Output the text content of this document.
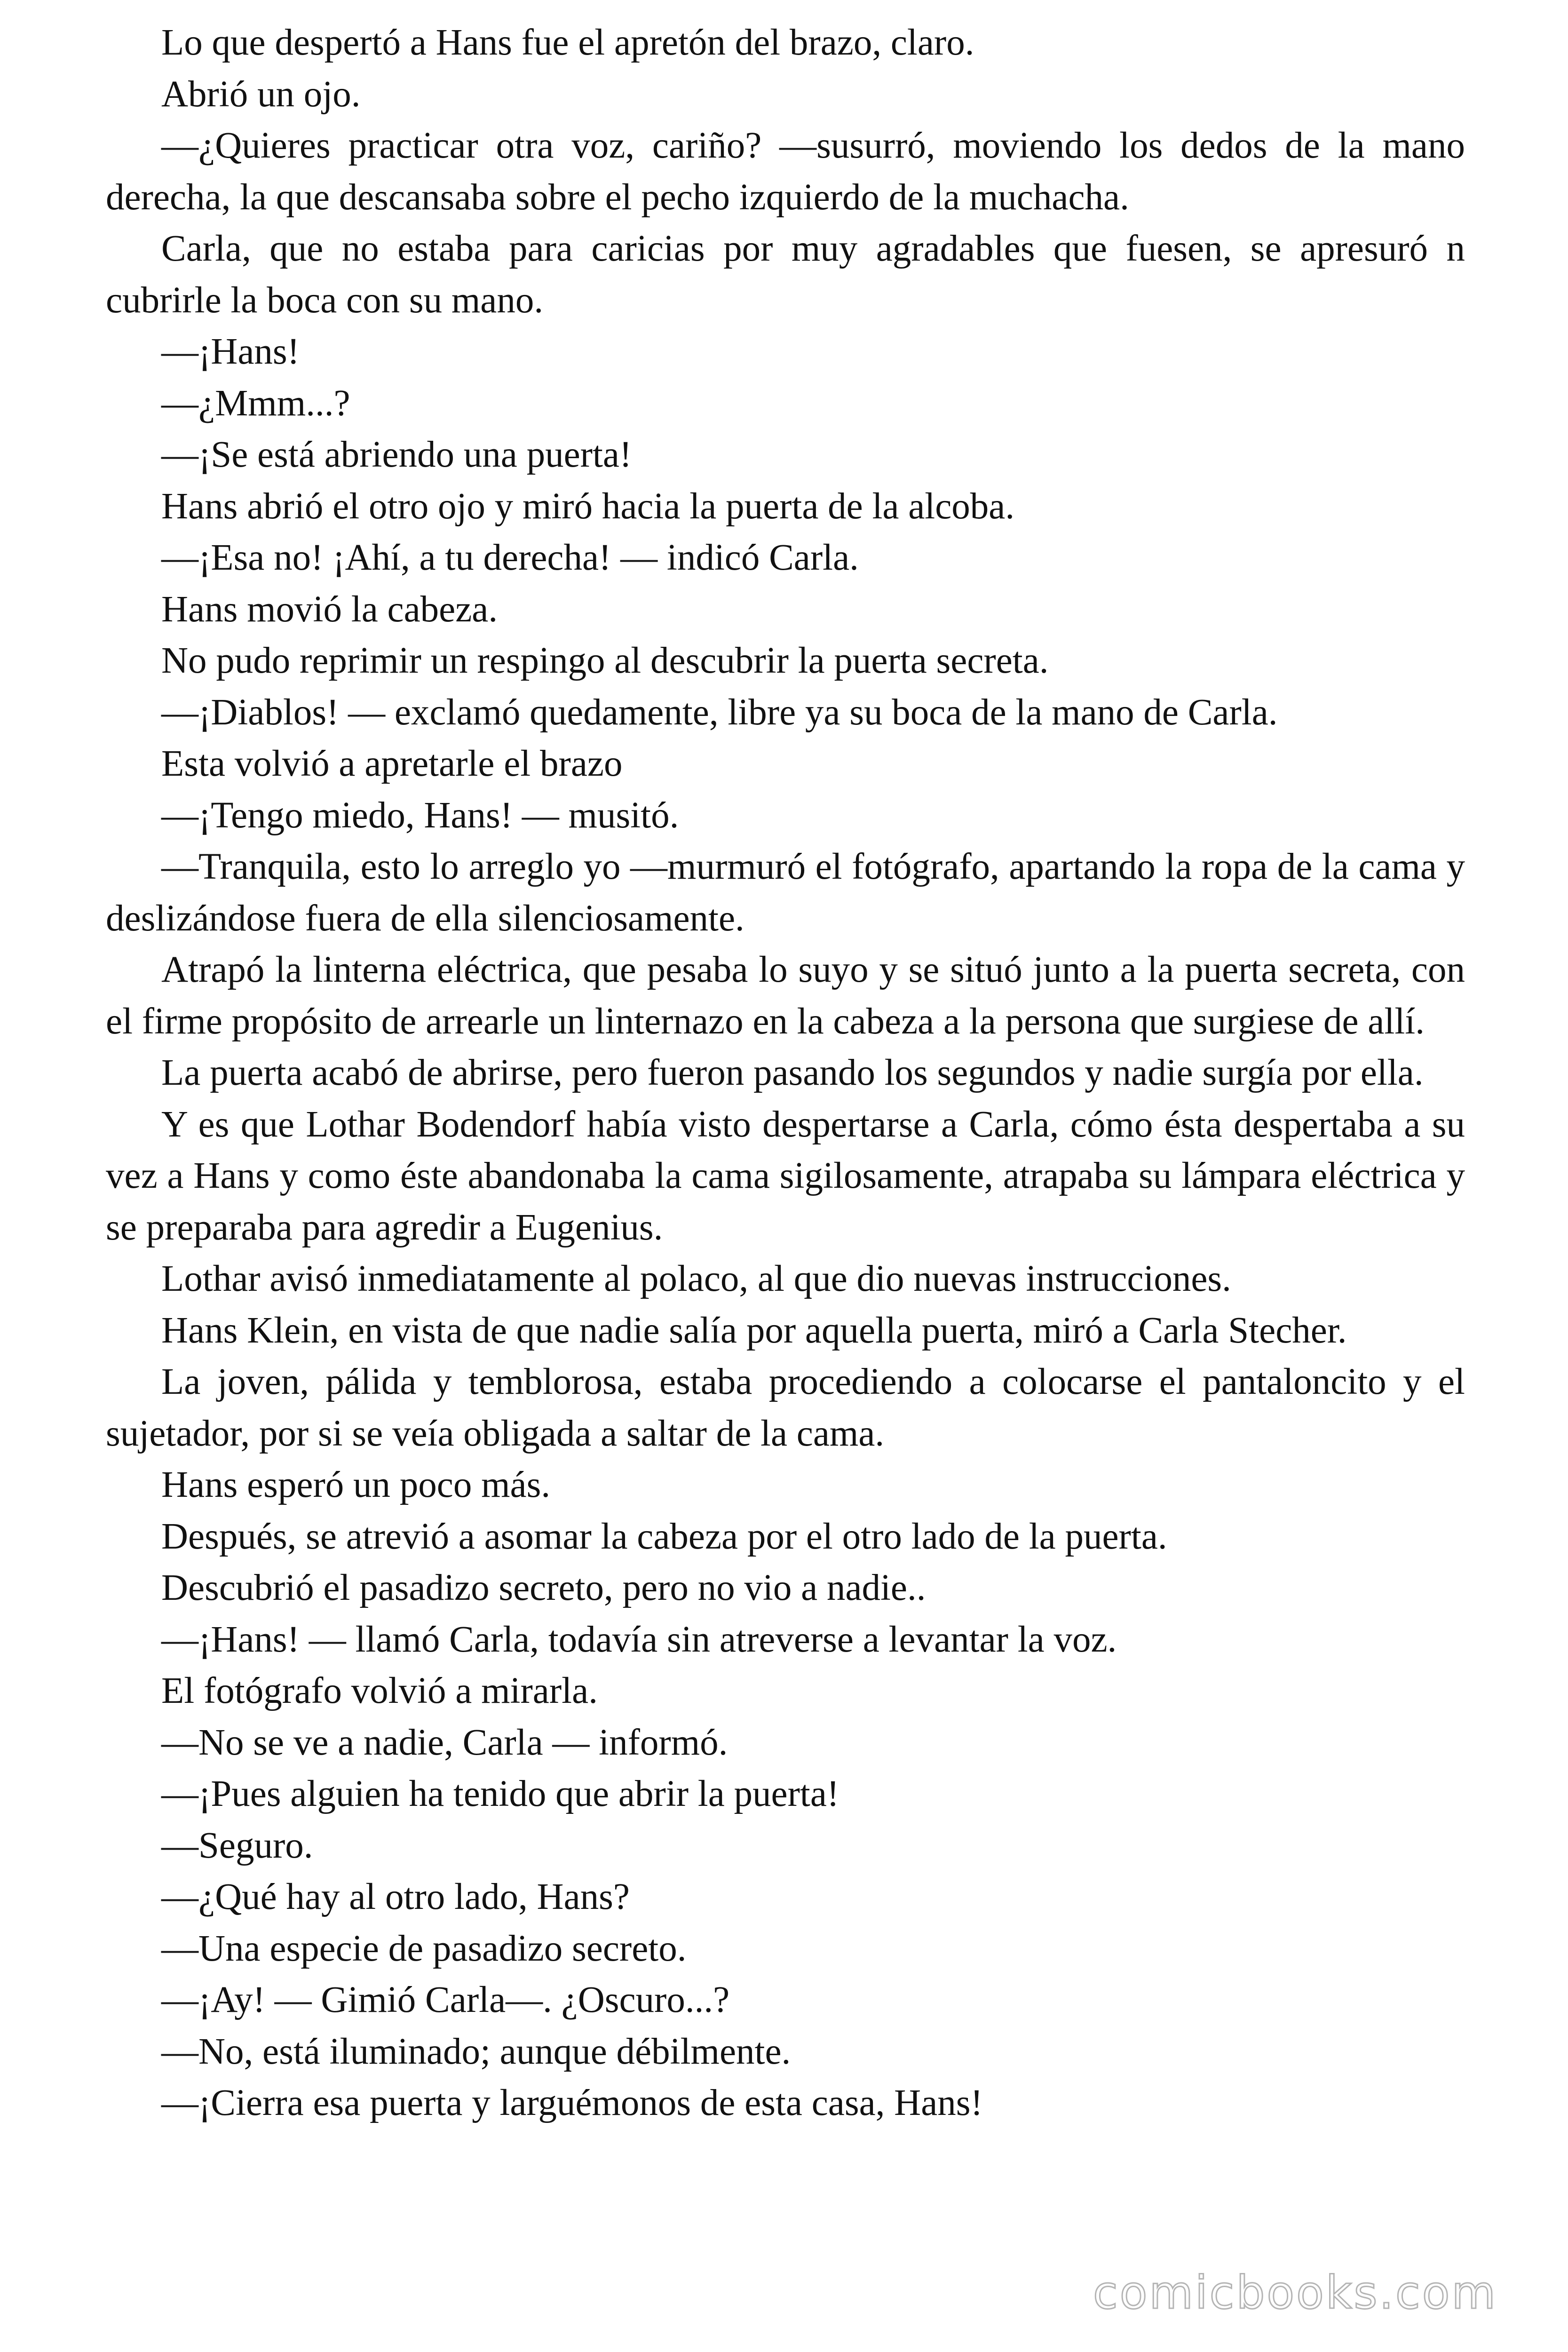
Lo que despertó a Hans fue el apretón del brazo, claro.

Abrió un ojo.

—¿Quieres practicar otra voz, cariño? —susurró, moviendo los dedos de la mano derecha, la que descansaba sobre el pecho izquierdo de la muchacha.

Carla, que no estaba para caricias por muy agradables que fuesen, se apresuró n cubrirle la boca con su mano.

—¡Hans!

—¿Mmm...?

—¡Se está abriendo una puerta!

Hans abrió el otro ojo y miró hacia la puerta de la alcoba.

—¡Esa no! ¡Ahí, a tu derecha! — indicó Carla.

Hans movió la cabeza.

No pudo reprimir un respingo al descubrir la puerta secreta.

—¡Diablos! — exclamó quedamente, libre ya su boca de la mano de Carla.

Esta volvió a apretarle el brazo

—¡Tengo miedo, Hans! — musitó.

—Tranquila, esto lo arreglo yo —murmuró el fotógrafo, apartando la ropa de la cama y deslizándose fuera de ella silenciosamente.

Atrapó la linterna eléctrica, que pesaba lo suyo y se situó junto a la puerta secreta, con el firme propósito de arrearle un linternazo en la cabeza a la persona que surgiese de allí.

La puerta acabó de abrirse, pero fueron pasando los segundos y nadie surgía por ella.

Y es que Lothar Bodendorf había visto despertarse a Carla, cómo ésta despertaba a su vez a Hans y como éste abandonaba la cama sigilosamente, atrapaba su lámpara eléctrica y se preparaba para agredir a Eugenius.

Lothar avisó inmediatamente al polaco, al que dio nuevas instrucciones.

Hans Klein, en vista de que nadie salía por aquella puerta, miró a Carla Stecher.

La joven, pálida y temblorosa, estaba procediendo a colocarse el pantaloncito y el sujetador, por si se veía obligada a saltar de la cama.

Hans esperó un poco más.

Después, se atrevió a asomar la cabeza por el otro lado de la puerta.

Descubrió el pasadizo secreto, pero no vio a nadie..

—¡Hans! — llamó Carla, todavía sin atreverse a levantar la voz.

El fotógrafo volvió a mirarla.

—No se ve a nadie, Carla — informó.

—¡Pues alguien ha tenido que abrir la puerta!

—Seguro.

—¿Qué hay al otro lado, Hans?

—Una especie de pasadizo secreto.

—¡Ay! — Gimió Carla—. ¿Oscuro...?

—No, está iluminado; aunque débilmente.

—¡Cierra esa puerta y larguémonos de esta casa, Hans!

comicbooks.com
